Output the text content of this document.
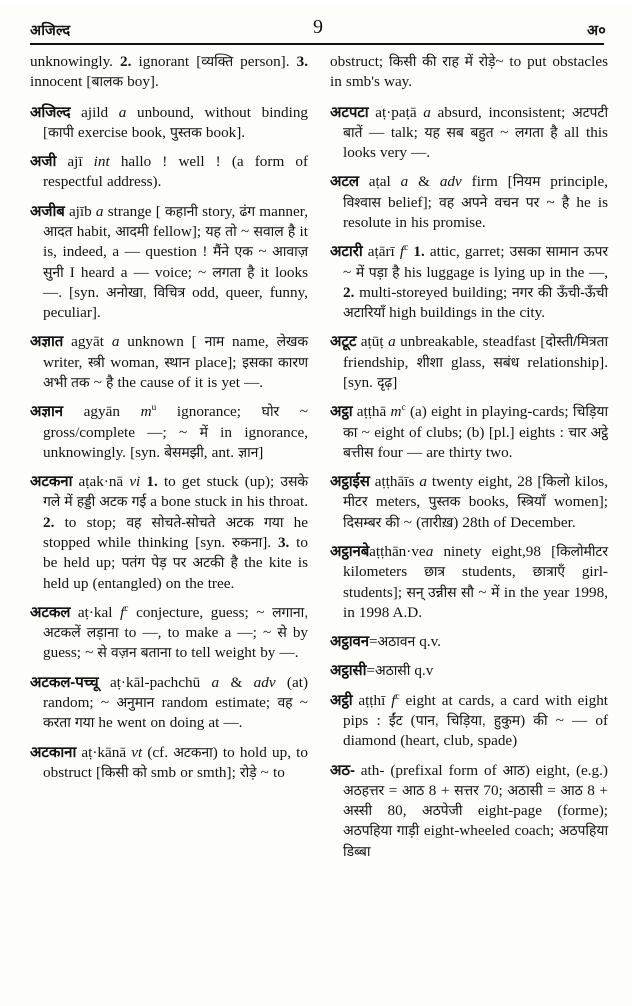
अजिल्द	9	अ०

unknowingly. 2. ignorant [व्यक्ति person]. 3. innocent [बालक boy].

अजिल्द ajild a unbound, without binding [कापी exercise book, पुस्तक book].

अजी ajī int hallo ! well ! (a form of respectful address).

अजीब ajīb a strange [ कहानी story, ढंग manner, आदत habit, आदमी fellow]; यह तो ~ सवाल है it is, indeed, a — question ! मैंने एक ~ आवाज़ सुनी I heard a — voice; ~ लगता है it looks —. [syn. अनोखा, विचित्र odd, queer, funny, peculiar].

अज्ञात agyāt a unknown [ नाम name, लेखक writer, स्त्री woman, स्थान place]; इसका कारण अभी तक ~ है the cause of it is yet —.

अज्ञान agyān $m^u$ ignorance; घोर ~ gross/complete —; ~ में in ignorance, unknowingly. [syn. बेसमझी, ant. ज्ञान]

अटकना aṭak·nā vi 1. to get stuck (up); उसके गले में हड्डी अटक गई a bone stuck in his throat. 2. to stop; वह सोचते-सोचते अटक गया he stopped while thinking [syn. रुकना]. 3. to be held up; पतंग पेड़ पर अटकी है the kite is held up (entangled) on the tree.

अटकल aṭ·kal $f^c$ conjecture, guess; ~ लगाना, अटकलें लड़ाना to —, to make a —; ~ से by guess; ~ से वज़न बताना to tell weight by —.

अटकल-पच्चू aṭ·kāl-pachchū a & adv (at) random; ~ अनुमान random estimate; वह ~ करता गया he went on doing at —.

अटकाना aṭ·kānā vt (cf. अटकना) to hold up, to obstruct [किसी को smb or smth]; रोड़े ~ to

obstruct; किसी की राह में रोड़े~ to put obstacles in smb's way.

अटपटा aṭ·paṭā a absurd, inconsistent; अटपटी बातें — talk; यह सब बहुत ~ लगता है all this looks very —.

अटल aṭal a & adv firm [नियम principle, विश्वास belief]; वह अपने वचन पर ~ है he is resolute in his promise.

अटारी aṭārī $f^c$ 1. attic, garret; उसका सामान ऊपर ~ में पड़ा है his luggage is lying up in the —, 2. multi-storeyed building; नगर की ऊँची-ऊँची अटारियाँ high buildings in the city.

अटूट aṭūṭ a unbreakable, steadfast [दोस्ती/मित्रता friendship, शीशा glass, सबंध relationship]. [syn. दृढ़]

अट्ठा aṭṭhā $m^c$ (a) eight in playing-cards; चिड़िया का ~ eight of clubs; (b) [pl.] eights : चार अट्ठे बत्तीस four — are thirty two.

अट्ठाईस aṭṭhāīs a twenty eight, 28 [किलो kilos, मीटर meters, पुस्तक books, स्त्रियाँ women]; दिसम्बर की ~ (तारीख़) 28th of December.

अट्ठानबेaṭṭhān·vea ninety eight,98 [किलोमीटर kilometers छात्र students, छात्राएँ girl-students]; सन् उन्नीस सौ ~ में in the year 1998, in 1998 A.D.

अट्ठावन=अठावन q.v.

अट्ठासी=अठासी q.v

अट्ठी aṭṭhī $f^c$ eight at cards, a card with eight pips : ईंट (पान, चिड़िया, हुकुम) की ~ — of diamond (heart, club, spade)

अठ- ath- (prefixal form of आठ) eight, (e.g.) अठहत्तर = आठ 8 + सत्तर 70; अठासी = आठ 8 + अस्सी 80, अठपेजी eight-page (forme); अठपहिया गाड़ी eight-wheeled coach; अठपहिया डिब्बा
